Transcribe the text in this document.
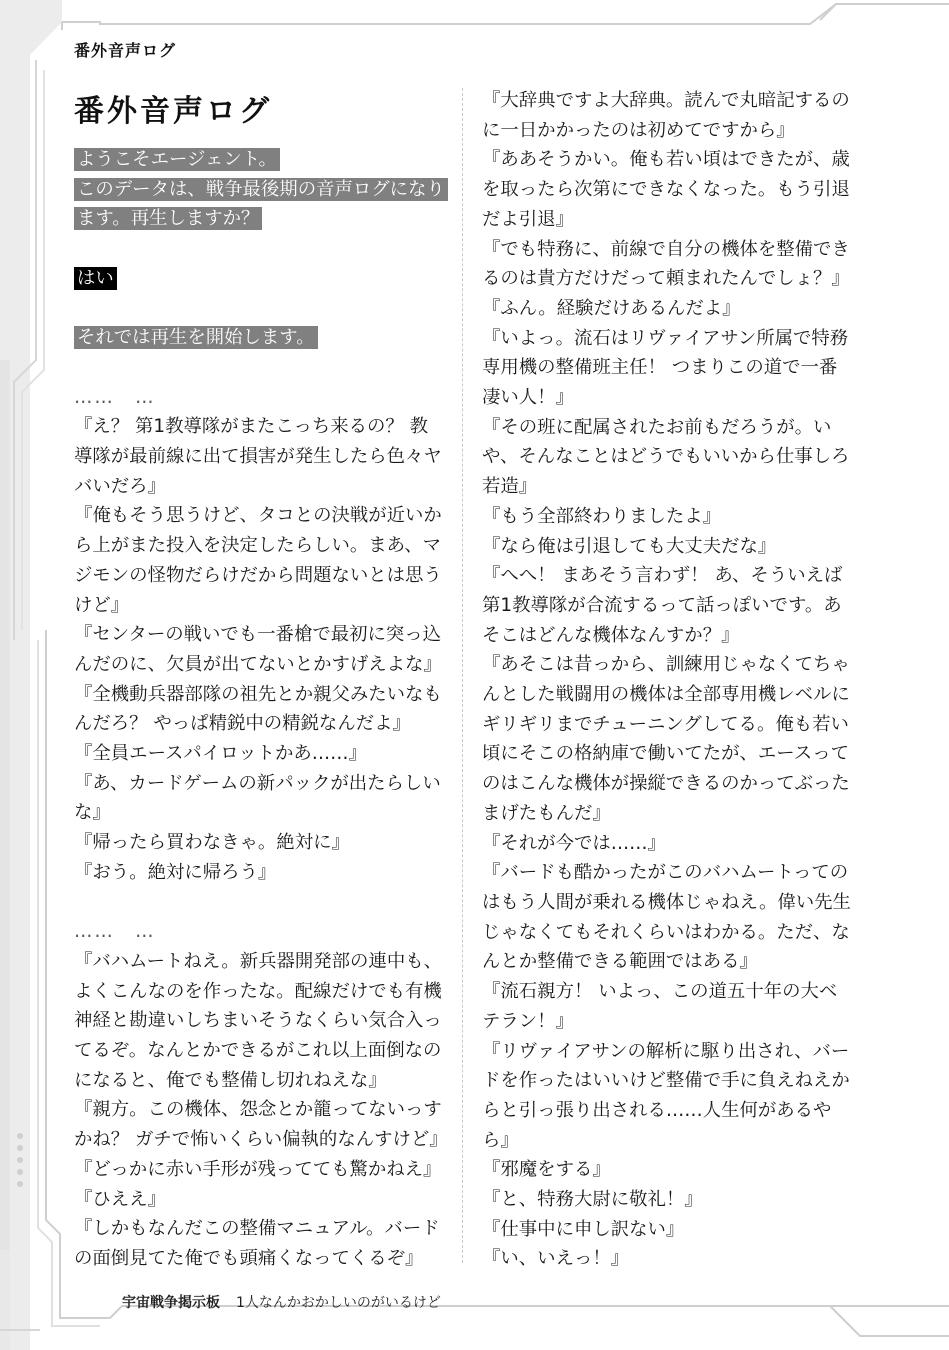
番外音声ログ
番外音声ログ

ようこそエージェント。

このデータは、戦争最後期の音声ログになります。再生しますか？

はい

それでは再生を開始します。

……　…

『え？ 第1教導隊がまたこっち来るの？ 教導隊が最前線に出て損害が発生したら色々ヤバいだろ』

『俺もそう思うけど、タコとの決戦が近いから上がまた投入を決定したらしい。まあ、マジモンの怪物だらけだから問題ないとは思うけど』

『センターの戦いでも一番槍で最初に突っ込んだのに、欠員が出てないとかすげえよな』

『全機動兵器部隊の祖先とか親父みたいなもんだろ？ やっぱ精鋭中の精鋭なんだよ』

『全員エースパイロットかあ……』

『あ、カードゲームの新パックが出たらしいな』

『帰ったら買わなきゃ。絶対に』

『おう。絶対に帰ろう』

……　…

『バハムートねえ。新兵器開発部の連中も、よくこんなのを作ったな。配線だけでも有機神経と勘違いしちまいそうなくらい気合入ってるぞ。なんとかできるがこれ以上面倒なのになると、俺でも整備し切れねえな』

『親方。この機体、怨念とか籠ってないっすかね？ ガチで怖いくらい偏執的なんすけど』

『どっかに赤い手形が残ってても驚かねえ』

『ひええ』

『しかもなんだこの整備マニュアル。バードの面倒見てた俺でも頭痛くなってくるぞ』

『大辞典ですよ大辞典。読んで丸暗記するのに一日かかったのは初めてですから』

『ああそうかい。俺も若い頃はできたが、歳を取ったら次第にできなくなった。もう引退だよ引退』

『でも特務に、前線で自分の機体を整備できるのは貴方だけだって頼まれたんでしょ？』

『ふん。経験だけあるんだよ』

『いよっ。流石はリヴァイアサン所属で特務専用機の整備班主任！ つまりこの道で一番凄い人！』

『その班に配属されたお前もだろうが。いや、そんなことはどうでもいいから仕事しろ若造』

『もう全部終わりましたよ』

『なら俺は引退しても大丈夫だな』

『へへ！ まあそう言わず！ あ、そういえば第1教導隊が合流するって話っぽいです。あそこはどんな機体なんすか？』

『あそこは昔っから、訓練用じゃなくてちゃんとした戦闘用の機体は全部専用機レベルにギリギリまでチューニングしてる。俺も若い頃にそこの格納庫で働いてたが、エースってのはこんな機体が操縦できるのかってぶったまげたもんだ』

『それが今では……』

『バードも酷かったがこのバハムートってのはもう人間が乗れる機体じゃねえ。偉い先生じゃなくてもそれくらいはわかる。ただ、なんとか整備できる範囲ではある』

『流石親方！ いよっ、この道五十年の大ベテラン！』

『リヴァイアサンの解析に駆り出され、バードを作ったはいいけど整備で手に負えねえからと引っ張り出される……人生何があるやら』

『邪魔をする』

『と、特務大尉に敬礼！』

『仕事中に申し訳ない』

『い、いえっ！』

宇宙戦争掲示板 1人なんかおかしいのがいるけど
